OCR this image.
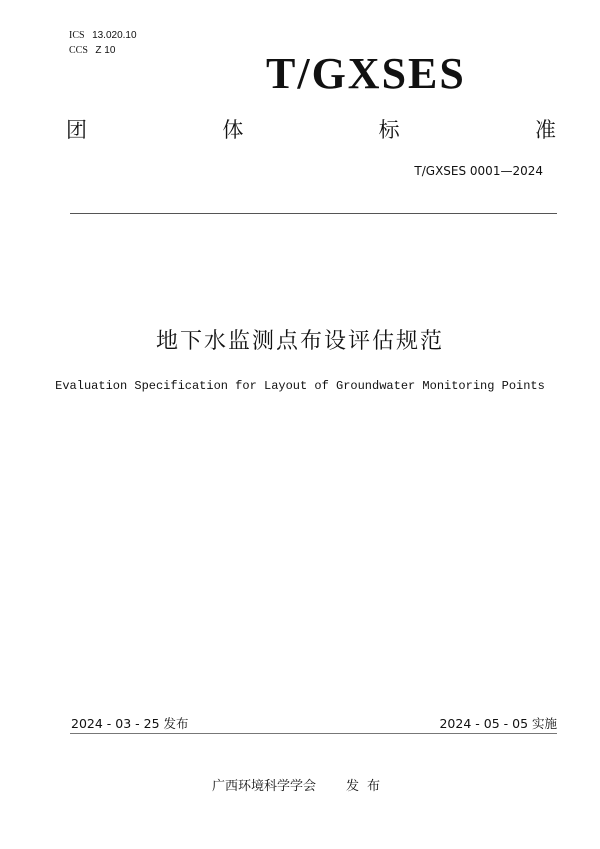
ICS 13.020.10
CCS Z 10	T/GXSES
团	体	标	准
T/GXSES 0001—2024
地下水监测点布设评估规范
Evaluation Specification for Layout of Groundwater Monitoring Points
2024 - 03 - 25 发布	2024 - 05 - 05 实施
广西环境科学学会 发布
